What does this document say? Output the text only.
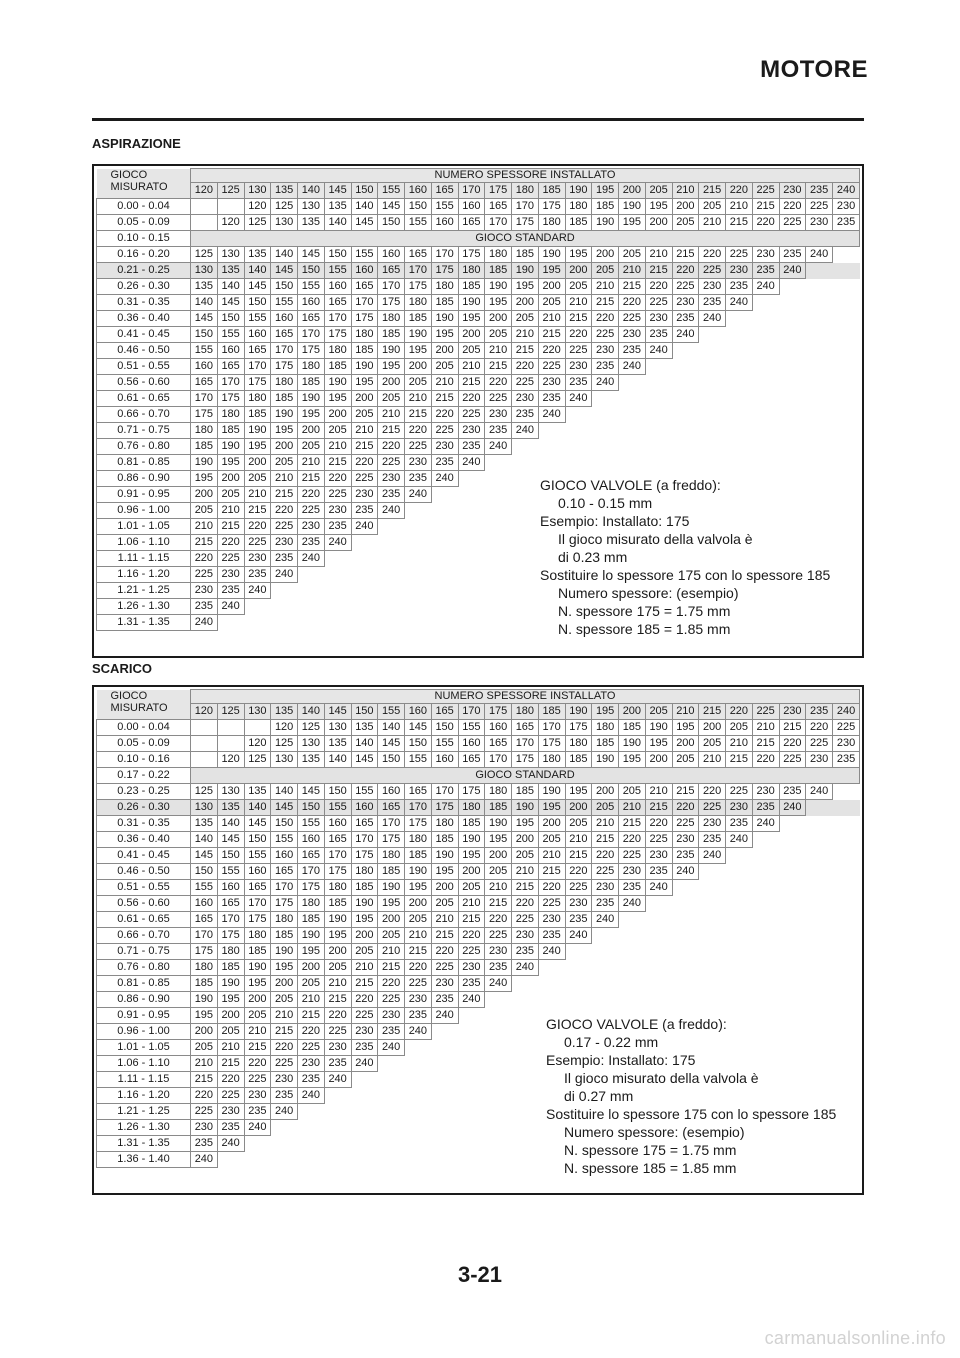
MOTORE
ASPIRAZIONE
GIOCO
MISURATO	NUMERO SPESSORE INSTALLATO																								
	120	125	130	135	140	145	150	155	160	165	170	175	180	185	190	195	200	205	210	215	220	225	230	235	240
0.00 - 0.04			120	125	130	135	140	145	150	155	160	165	170	175	180	185	190	195	200	205	210	215	220	225	230
0.05 - 0.09		120	125	130	135	140	145	150	155	160	165	170	175	180	185	190	195	200	205	210	215	220	225	230	235
0.10 - 0.15	GIOCO STANDARD																								
0.16 - 0.20	125	130	135	140	145	150	155	160	165	170	175	180	185	190	195	200	205	210	215	220	225	230	235	240	
0.21 - 0.25	130	135	140	145	150	155	160	165	170	175	180	185	190	195	200	205	210	215	220	225	230	235	240		
0.26 - 0.30	135	140	145	150	155	160	165	170	175	180	185	190	195	200	205	210	215	220	225	230	235	240			
0.31 - 0.35	140	145	150	155	160	165	170	175	180	185	190	195	200	205	210	215	220	225	230	235	240				
0.36 - 0.40	145	150	155	160	165	170	175	180	185	190	195	200	205	210	215	220	225	230	235	240					
0.41 - 0.45	150	155	160	165	170	175	180	185	190	195	200	205	210	215	220	225	230	235	240						
0.46 - 0.50	155	160	165	170	175	180	185	190	195	200	205	210	215	220	225	230	235	240							
0.51 - 0.55	160	165	170	175	180	185	190	195	200	205	210	215	220	225	230	235	240								
0.56 - 0.60	165	170	175	180	185	190	195	200	205	210	215	220	225	230	235	240									
0.61 - 0.65	170	175	180	185	190	195	200	205	210	215	220	225	230	235	240										
0.66 - 0.70	175	180	185	190	195	200	205	210	215	220	225	230	235	240											
0.71 - 0.75	180	185	190	195	200	205	210	215	220	225	230	235	240												
0.76 - 0.80	185	190	195	200	205	210	215	220	225	230	235	240													
0.81 - 0.85	190	195	200	205	210	215	220	225	230	235	240														
0.86 - 0.90	195	200	205	210	215	220	225	230	235	240															
0.91 - 0.95	200	205	210	215	220	225	230	235	240																
0.96 - 1.00	205	210	215	220	225	230	235	240																	
1.01 - 1.05	210	215	220	225	230	235	240																		
1.06 - 1.10	215	220	225	230	235	240																			
1.11 - 1.15	220	225	230	235	240																				
1.16 - 1.20	225	230	235	240																					
1.21 - 1.25	230	235	240																						
1.26 - 1.30	235	240																							
1.31 - 1.35	240																								
GIOCO VALVOLE (a freddo):
0.10 - 0.15 mm
Esempio: Installato: 175
Il gioco misurato della valvola è
di 0.23 mm
Sostituire lo spessore 175 con lo spessore 185
Numero spessore: (esempio)
N. spessore 175 = 1.75 mm
N. spessore 185 = 1.85 mm
SCARICO
GIOCO
MISURATO	NUMERO SPESSORE INSTALLATO																								
	120	125	130	135	140	145	150	155	160	165	170	175	180	185	190	195	200	205	210	215	220	225	230	235	240
0.00 - 0.04				120	125	130	135	140	145	150	155	160	165	170	175	180	185	190	195	200	205	210	215	220	225
0.05 - 0.09			120	125	130	135	140	145	150	155	160	165	170	175	180	185	190	195	200	205	210	215	220	225	230
0.10 - 0.16		120	125	130	135	140	145	150	155	160	165	170	175	180	185	190	195	200	205	210	215	220	225	230	235
0.17 - 0.22	GIOCO STANDARD																								
0.23 - 0.25	125	130	135	140	145	150	155	160	165	170	175	180	185	190	195	200	205	210	215	220	225	230	235	240	
0.26 - 0.30	130	135	140	145	150	155	160	165	170	175	180	185	190	195	200	205	210	215	220	225	230	235	240		
0.31 - 0.35	135	140	145	150	155	160	165	170	175	180	185	190	195	200	205	210	215	220	225	230	235	240			
0.36 - 0.40	140	145	150	155	160	165	170	175	180	185	190	195	200	205	210	215	220	225	230	235	240				
0.41 - 0.45	145	150	155	160	165	170	175	180	185	190	195	200	205	210	215	220	225	230	235	240					
0.46 - 0.50	150	155	160	165	170	175	180	185	190	195	200	205	210	215	220	225	230	235	240						
0.51 - 0.55	155	160	165	170	175	180	185	190	195	200	205	210	215	220	225	230	235	240							
0.56 - 0.60	160	165	170	175	180	185	190	195	200	205	210	215	220	225	230	235	240								
0.61 - 0.65	165	170	175	180	185	190	195	200	205	210	215	220	225	230	235	240									
0.66 - 0.70	170	175	180	185	190	195	200	205	210	215	220	225	230	235	240										
0.71 - 0.75	175	180	185	190	195	200	205	210	215	220	225	230	235	240											
0.76 - 0.80	180	185	190	195	200	205	210	215	220	225	230	235	240												
0.81 - 0.85	185	190	195	200	205	210	215	220	225	230	235	240													
0.86 - 0.90	190	195	200	205	210	215	220	225	230	235	240														
0.91 - 0.95	195	200	205	210	215	220	225	230	235	240															
0.96 - 1.00	200	205	210	215	220	225	230	235	240																
1.01 - 1.05	205	210	215	220	225	230	235	240																	
1.06 - 1.10	210	215	220	225	230	235	240																		
1.11 - 1.15	215	220	225	230	235	240																			
1.16 - 1.20	220	225	230	235	240																				
1.21 - 1.25	225	230	235	240																					
1.26 - 1.30	230	235	240																						
1.31 - 1.35	235	240																							
1.36 - 1.40	240																								
GIOCO VALVOLE (a freddo):
0.17 - 0.22 mm
Esempio: Installato: 175
Il gioco misurato della valvola è
di 0.27 mm
Sostituire lo spessore 175 con lo spessore 185
Numero spessore: (esempio)
N. spessore 175 = 1.75 mm
N. spessore 185 = 1.85 mm
3-21
carmanualsonline.info
